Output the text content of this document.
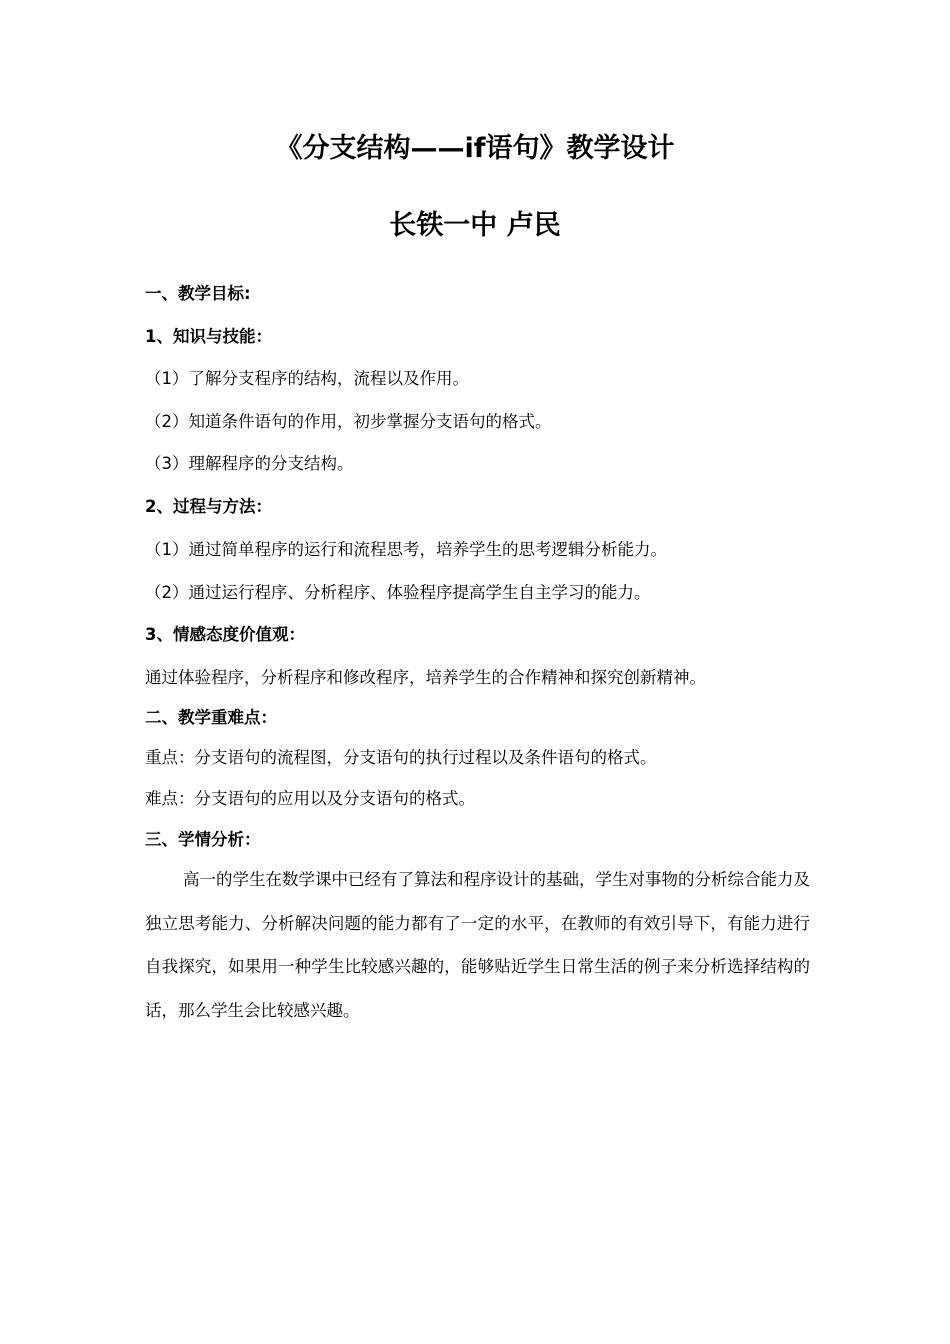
《分支结构——if语句》教学设计
长铁一中 卢民
一、教学目标:
1、知识与技能：
（1）了解分支程序的结构，流程以及作用。
（2）知道条件语句的作用，初步掌握分支语句的格式。
（3）理解程序的分支结构。
2、过程与方法：
（1）通过简单程序的运行和流程思考，培养学生的思考逻辑分析能力。
（2）通过运行程序、分析程序、体验程序提高学生自主学习的能力。
3、情感态度价值观：
通过体验程序，分析程序和修改程序，培养学生的合作精神和探究创新精神。
二、教学重难点：
重点：分支语句的流程图，分支语句的执行过程以及条件语句的格式。
难点：分支语句的应用以及分支语句的格式。
三、学情分析：
高一的学生在数学课中已经有了算法和程序设计的基础，学生对事物的分析综合能力及独立思考能力、分析解决问题的能力都有了一定的水平，在教师的有效引导下，有能力进行自我探究，如果用一种学生比较感兴趣的，能够贴近学生日常生活的例子来分析选择结构的话，那么学生会比较感兴趣。
